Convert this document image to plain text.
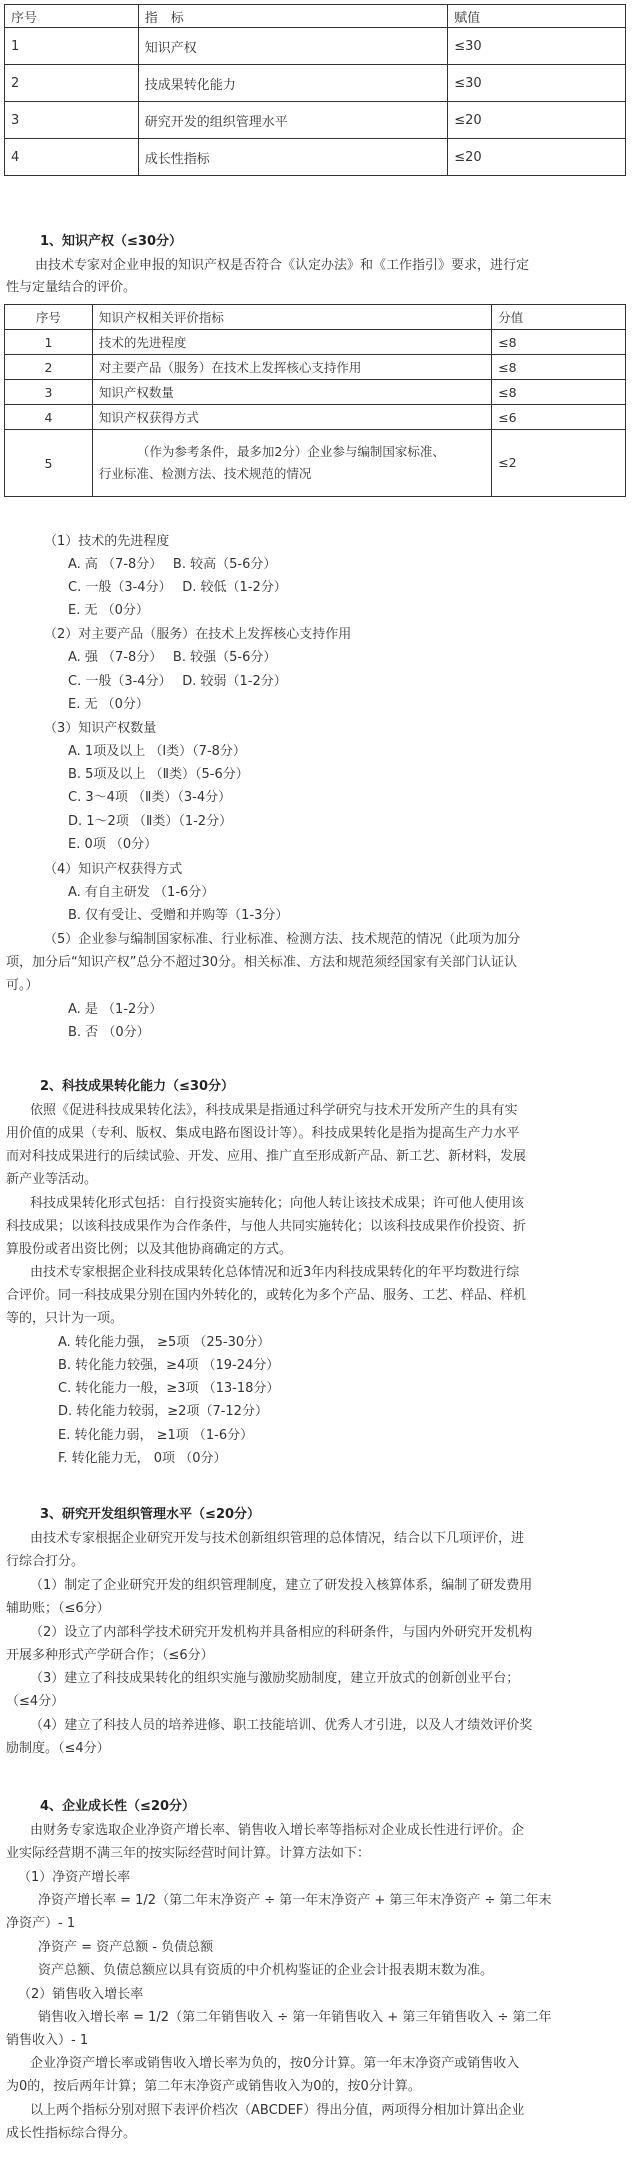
序号	指　标	赋值
1	知识产权	≤30
2	技成果转化能力	≤30
3	研究开发的组织管理水平	≤20
4	成长性指标	≤20
1、知识产权（≤30分）
　由技术专家对企业申报的知识产权是否符合《认定办法》和《工作指引》要求，进行定
性与定量结合的评价。
序号	知识产权相关评价指标	分值
1	技术的先进程度	≤8
2	对主要产品（服务）在技术上发挥核心支持作用	≤8
3	知识产权数量	≤8
4	知识产权获得方式	≤6
5	（作为参考条件，最多加2分）企业参与编制国家标准、
行业标准、检测方法、技术规范的情况	≤2
（1）技术的先进程度
A. 高 （7-8分）　 B. 较高（5-6分）
C. 一般（3-4分）　 D. 较低（1-2分）
E. 无 （0分）
（2）对主要产品（服务）在技术上发挥核心支持作用
A. 强 （7-8分）　 B. 较强（5-6分）
C. 一般（3-4分）　 D. 较弱（1-2分）
E. 无 （0分）
（3）知识产权数量
A. 1项及以上 （Ⅰ类）（7-8分）
B. 5项及以上 （Ⅱ类）（5-6分）
C. 3～4项 （Ⅱ类）（3-4分）
D. 1～2项 （Ⅱ类）（1-2分）
E. 0项 （0分）
（4）知识产权获得方式
A. 有自主研发 （1-6分）
B. 仅有受让、受赠和并购等（1-3分）
（5）企业参与编制国家标准、行业标准、检测方法、技术规范的情况（此项为加分
项，加分后“知识产权”总分不超过30分。相关标准、方法和规范须经国家有关部门认证认
可。）
A. 是 （1-2分）
B. 否 （0分）
2、科技成果转化能力（≤30分）
依照《促进科技成果转化法》，科技成果是指通过科学研究与技术开发所产生的具有实
用价值的成果（专利、版权、集成电路布图设计等）。科技成果转化是指为提高生产力水平
而对科技成果进行的后续试验、开发、应用、推广直至形成新产品、新工艺、新材料，发展
新产业等活动。
科技成果转化形式包括：自行投资实施转化；向他人转让该技术成果；许可他人使用该
科技成果；以该科技成果作为合作条件，与他人共同实施转化；以该科技成果作价投资、折
算股份或者出资比例；以及其他协商确定的方式。
由技术专家根据企业科技成果转化总体情况和近3年内科技成果转化的年平均数进行综
合评价。同一科技成果分别在国内外转化的，或转化为多个产品、服务、工艺、样品、样机
等的，只计为一项。
A. 转化能力强， ≥5项 （25-30分）
B. 转化能力较强，≥4项 （19-24分）
C. 转化能力一般，≥3项 （13-18分）
D. 转化能力较弱，≥2项（7-12分）
E. 转化能力弱， ≥1项 （1-6分）
F. 转化能力无， 0项 （0分）
3、研究开发组织管理水平（≤20分）
由技术专家根据企业研究开发与技术创新组织管理的总体情况，结合以下几项评价，进
行综合打分。
（1）制定了企业研究开发的组织管理制度，建立了研发投入核算体系，编制了研发费用
辅助账；（≤6分）
（2）设立了内部科学技术研究开发机构并具备相应的科研条件，与国内外研究开发机构
开展多种形式产学研合作；（≤6分）
（3）建立了科技成果转化的组织实施与激励奖励制度，建立开放式的创新创业平台；
（≤4分）
（4）建立了科技人员的培养进修、职工技能培训、优秀人才引进，以及人才绩效评价奖
励制度。（≤4分）
4、企业成长性（≤20分）
由财务专家选取企业净资产增长率、销售收入增长率等指标对企业成长性进行评价。企
业实际经营期不满三年的按实际经营时间计算。计算方法如下：
（1）净资产增长率
净资产增长率 = 1/2（第二年末净资产 ÷ 第一年末净资产 + 第三年末净资产 ÷ 第二年末
净资产）- 1
净资产 = 资产总额 - 负债总额
资产总额、负债总额应以具有资质的中介机构鉴证的企业会计报表期末数为准。
（2）销售收入增长率
销售收入增长率 = 1/2（第二年销售收入 ÷ 第一年销售收入 + 第三年销售收入 ÷ 第二年
销售收入）- 1
企业净资产增长率或销售收入增长率为负的，按0分计算。第一年末净资产或销售收入
为0的，按后两年计算；第二年末净资产或销售收入为0的，按0分计算。
以上两个指标分别对照下表评价档次（ABCDEF）得出分值，两项得分相加计算出企业
成长性指标综合得分。
